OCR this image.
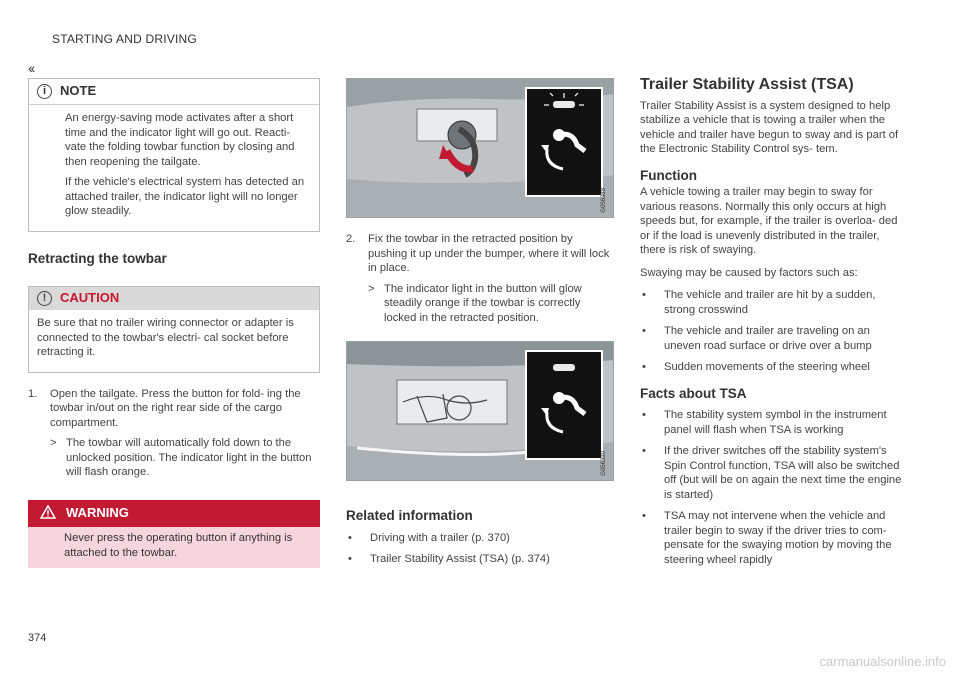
STARTING AND DRIVING
‹‹
374
carmanualsonline.info
i	NOTE

An energy-saving mode activates after a short time and the indicator light will go out. Reacti- vate the folding towbar function by closing and then reopening the tailgate.

If the vehicle's electrical system has detected an attached trailer, the indicator light will no longer glow steadily.

Retracting the towbar
!	CAUTION
Be sure that no trailer wiring connector or adapter is connected to the towbar's electri- cal socket before retracting it.
1.	Open the tailgate. Press the button for fold- ing the towbar in/out on the right rear side of the cargo compartment.
> The towbar will automatically fold down to the unlocked position. The indicator light in the button will flash orange.
WARNING
Never press the operating button if anything is attached to the towbar.
G056388
2.	Fix the towbar in the retracted position by pushing it up under the bumper, where it will lock in place.
> The indicator light in the button will glow steadily orange if the towbar is correctly locked in the retracted position.
G056390
Related information
•	Driving with a trailer (p. 370)
•	Trailer Stability Assist (TSA) (p. 374)
Trailer Stability Assist (TSA)

Trailer Stability Assist is a system designed to help stabilize a vehicle that is towing a trailer when the vehicle and trailer have begun to sway and is part of the Electronic Stability Control sys- tem.

Function

A vehicle towing a trailer may begin to sway for various reasons. Normally this only occurs at high speeds but, for example, if the trailer is overloa- ded or if the load is unevenly distributed in the trailer, there is risk of swaying.

Swaying may be caused by factors such as:

•	The vehicle and trailer are hit by a sudden, strong crosswind
•	The vehicle and trailer are traveling on an uneven road surface or drive over a bump
•	Sudden movements of the steering wheel
Facts about TSA
•	The stability system symbol in the instrument panel will flash when TSA is working
•	If the driver switches off the stability system's Spin Control function, TSA will also be switched off (but will be on again the next time the engine is started)
•	TSA may not intervene when the vehicle and trailer begin to sway if the driver tries to com- pensate for the swaying motion by moving the steering wheel rapidly
